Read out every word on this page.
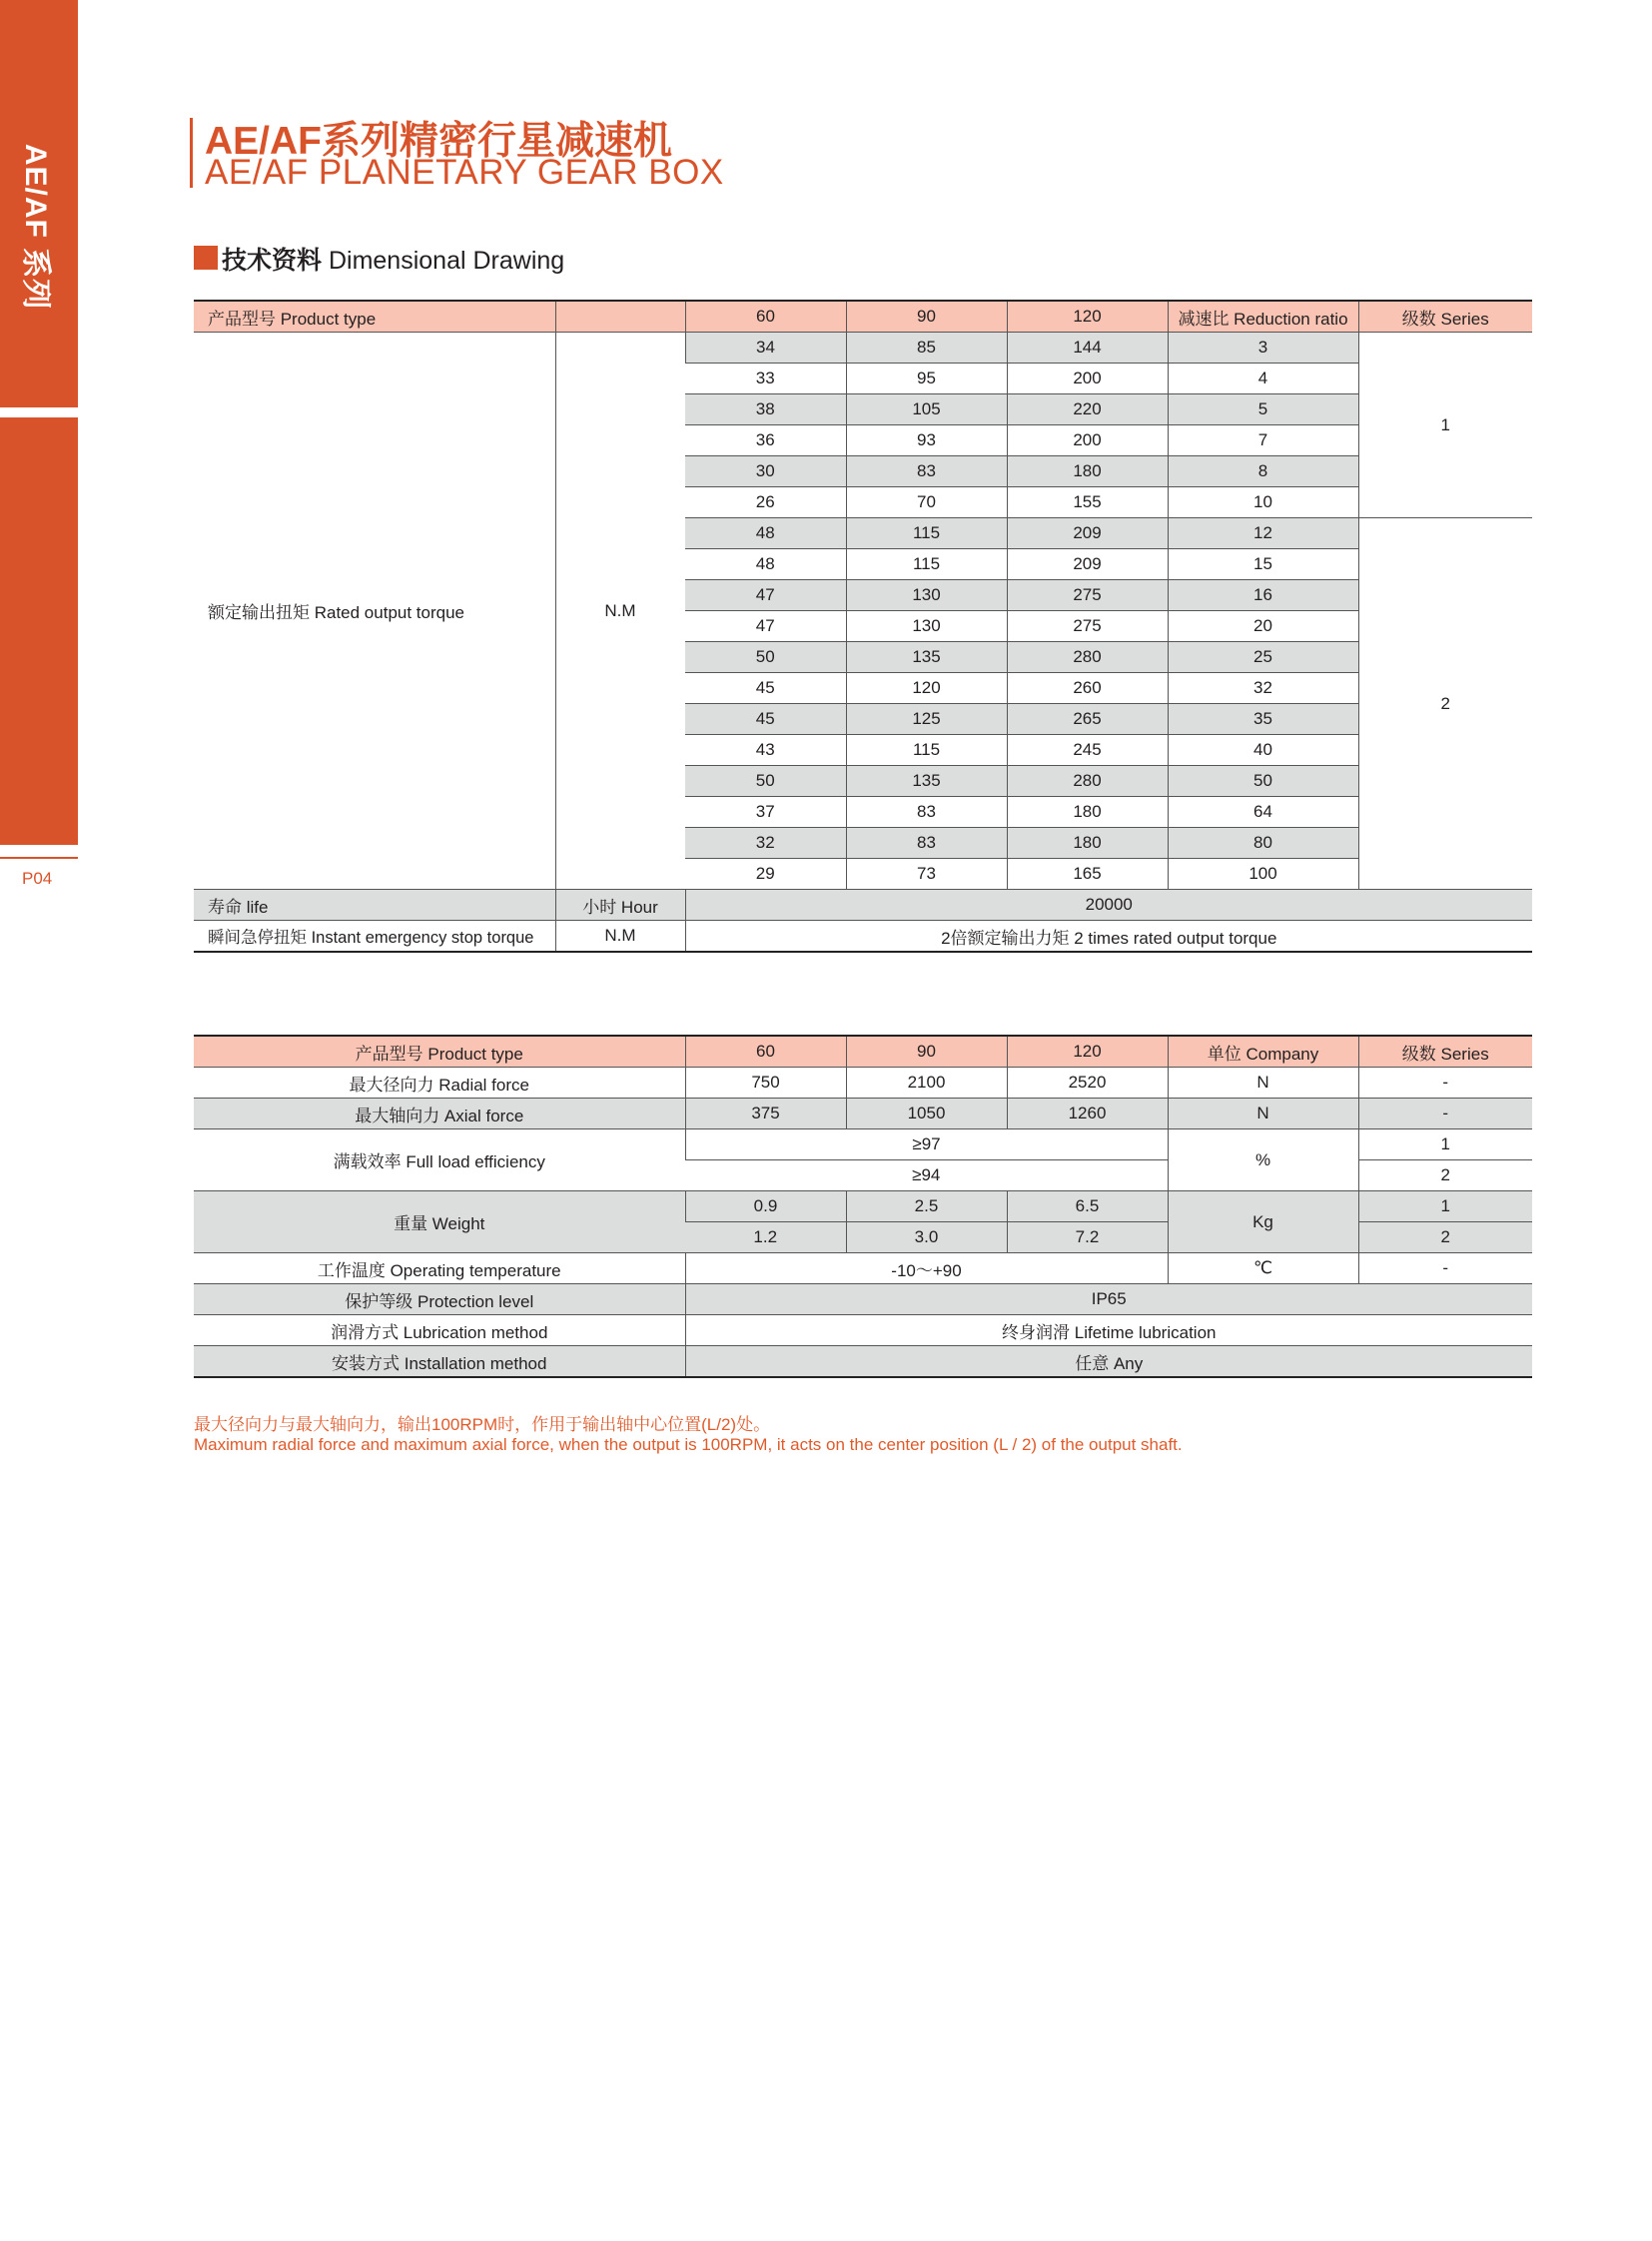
AE/AF 系列
AE/AF SERIES
P04
AE/AF系列精密行星减速机
AE/AF PLANETARY GEAR BOX
技术资料 Dimensional Drawing
产品型号 Product type		60	90	120	减速比 Reduction ratio	级数 Series
额定输出扭矩 Rated output torque	N.M	34	85	144	3	1
		33	95	200	4	
		38	105	220	5	
		36	93	200	7	
		30	83	180	8	
		26	70	155	10	
		48	115	209	12	2
		48	115	209	15	
		47	130	275	16	
		47	130	275	20	
		50	135	280	25	
		45	120	260	32	
		45	125	265	35	
		43	115	245	40	
		50	135	280	50	
		37	83	180	64	
		32	83	180	80	
		29	73	165	100	
寿命 life	小时 Hour	20000				
瞬间急停扭矩 Instant emergency stop torque	N.M	2倍额定输出力矩 2 times rated output torque				
产品型号 Product type	60	90	120	单位 Company	级数 Series
最大径向力 Radial force	750	2100	2520	N	-
最大轴向力 Axial force	375	1050	1260	N	-
满载效率 Full load efficiency	≥97			%	1
	≥94				2
重量 Weight	0.9	2.5	6.5	Kg	1
	1.2	3.0	7.2		2
工作温度 Operating temperature	-10～+90			℃	-
保护等级 Protection level	IP65				
润滑方式 Lubrication method	终身润滑 Lifetime lubrication				
安装方式 Installation method	任意 Any				
最大径向力与最大轴向力，输出100RPM时，作用于输出轴中心位置(L/2)处。
Maximum radial force and maximum axial force, when the output is 100RPM, it acts on the center position (L / 2) of the output shaft.
